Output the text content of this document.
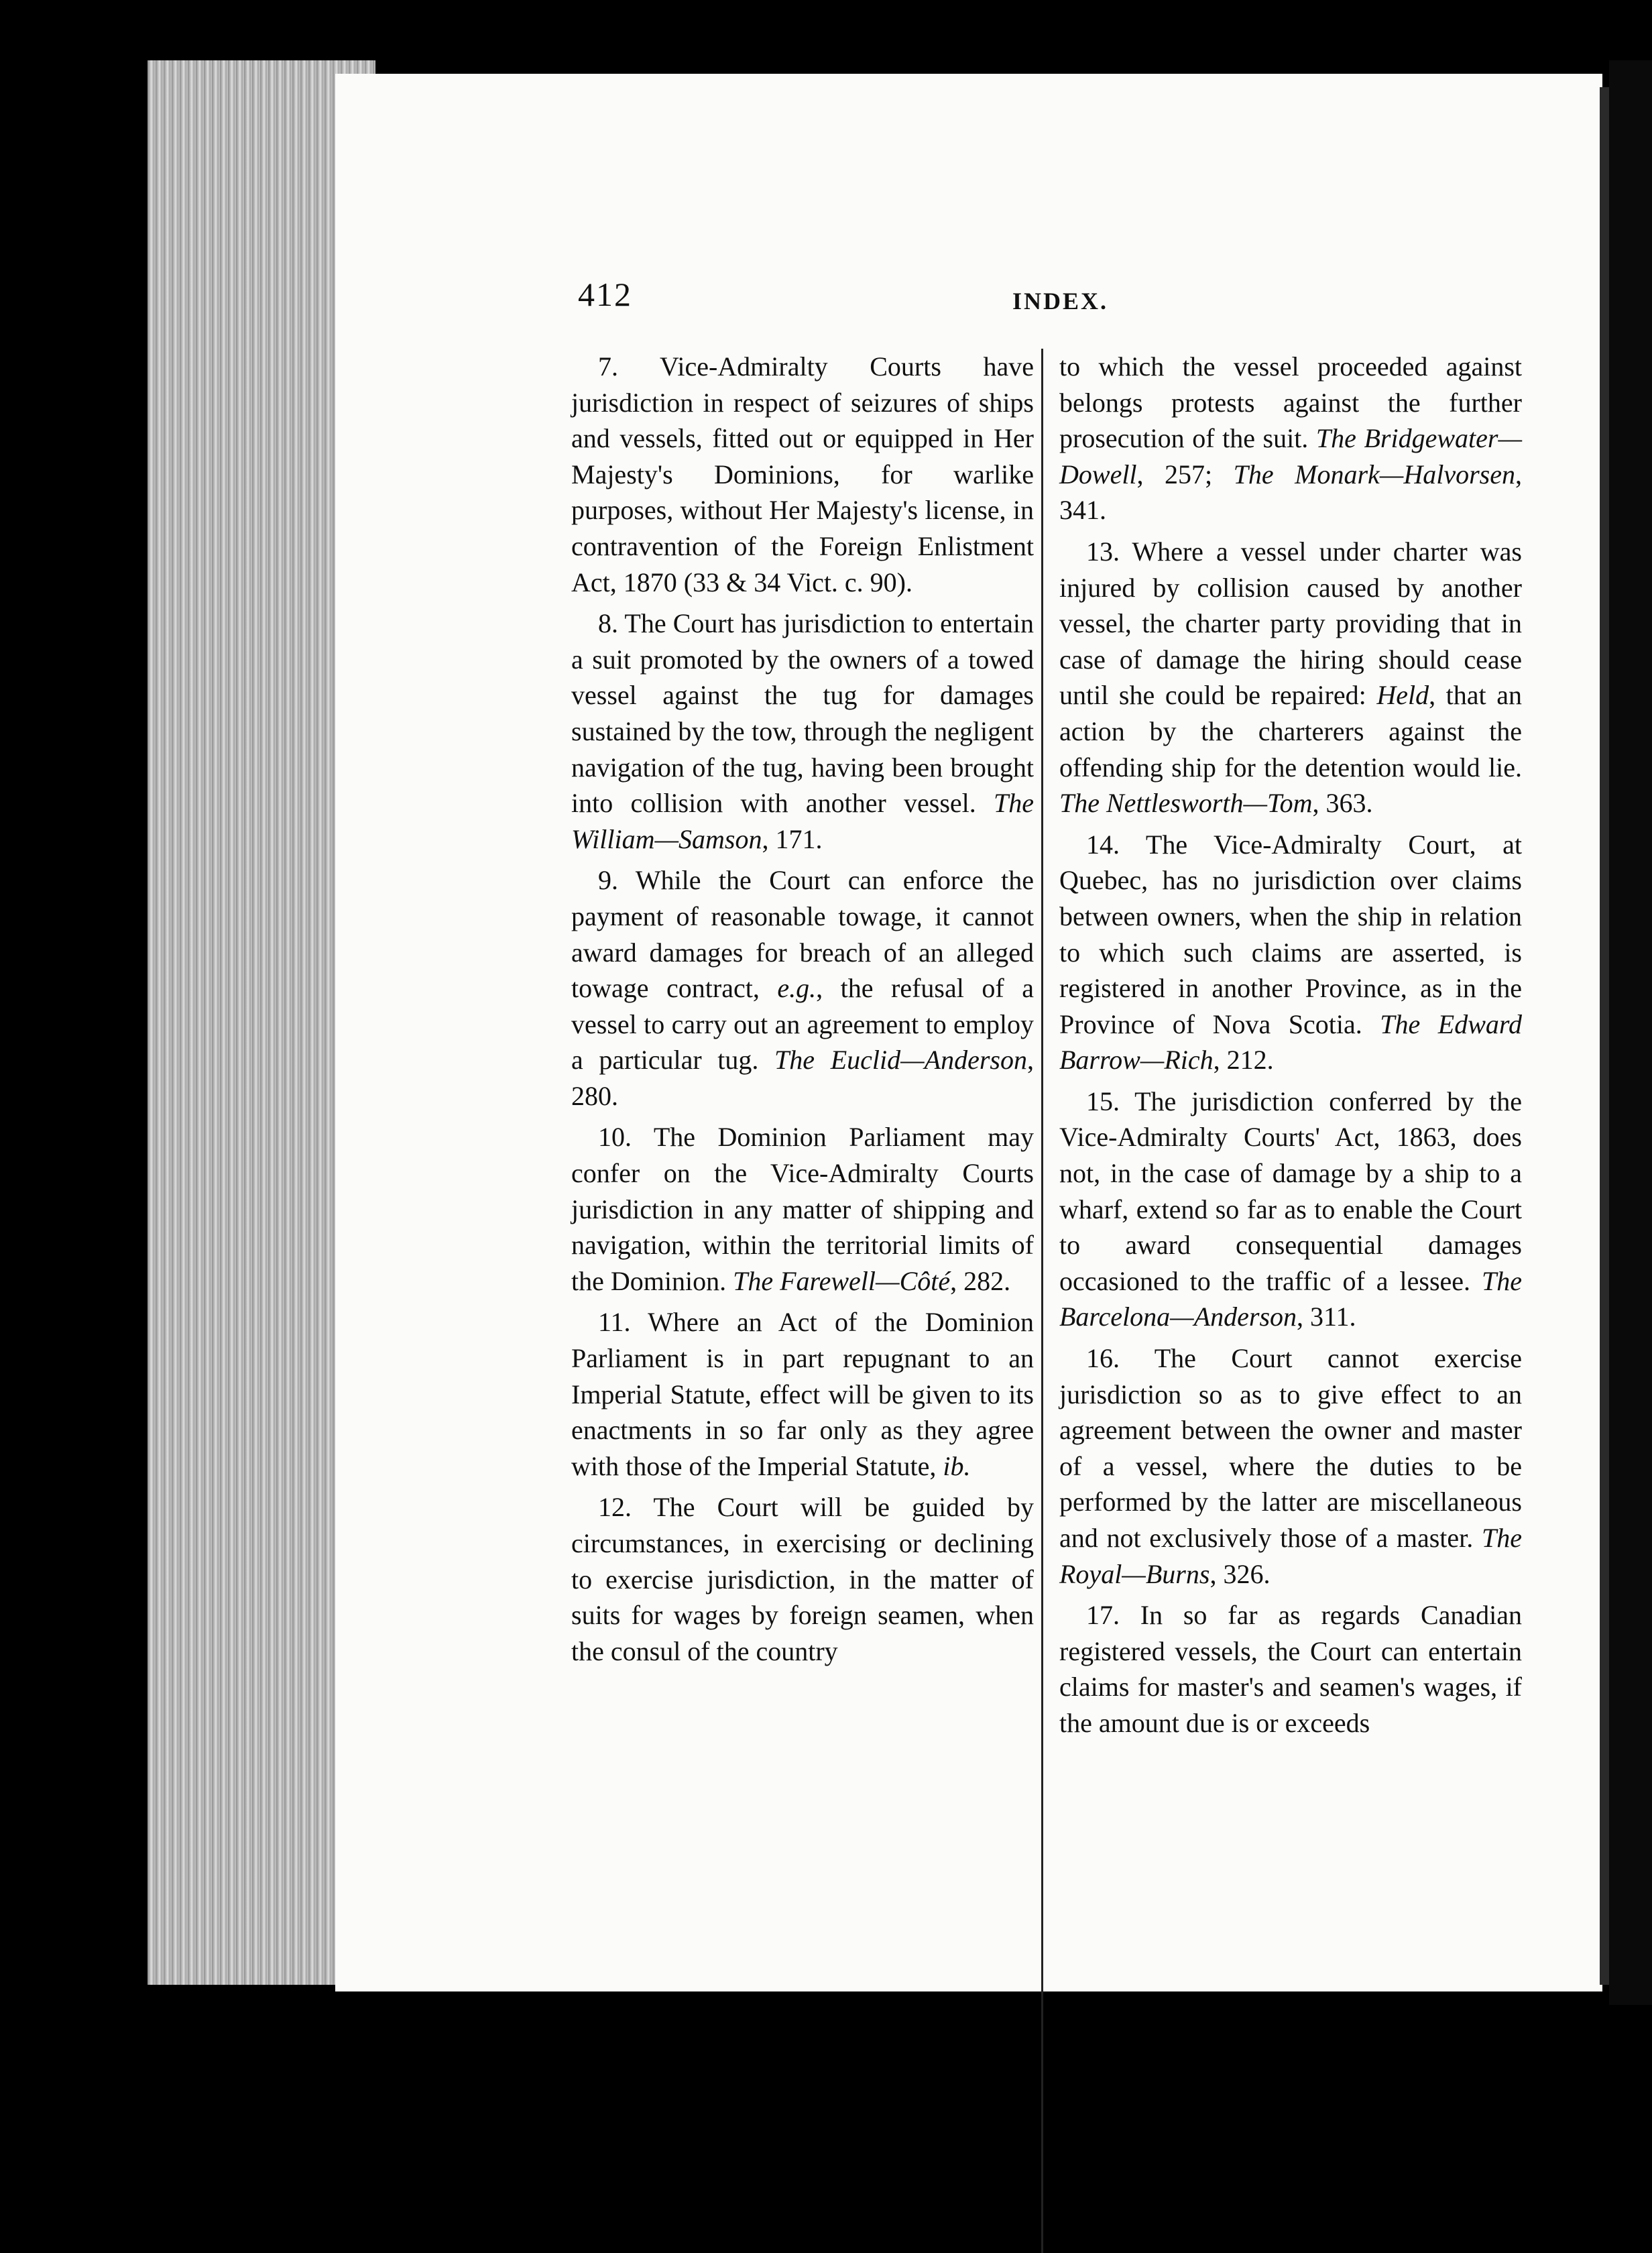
412	INDEX.

7. Vice-Admiralty Courts have jurisdiction in respect of seizures of ships and vessels, fitted out or equipped in Her Majesty's Dominions, for warlike purposes, without Her Majesty's license, in contravention of the Foreign Enlistment Act, 1870 (33 & 34 Vict. c. 90).

8. The Court has jurisdiction to entertain a suit promoted by the owners of a towed vessel against the tug for damages sustained by the tow, through the negligent navigation of the tug, having been brought into collision with another vessel. The William—Samson, 171.

9. While the Court can enforce the payment of reasonable towage, it cannot award damages for breach of an alleged towage contract, e.g., the refusal of a vessel to carry out an agreement to employ a particular tug. The Euclid—Anderson, 280.

10. The Dominion Parliament may confer on the Vice-Admiralty Courts jurisdiction in any matter of shipping and navigation, within the territorial limits of the Dominion. The Farewell—Côté, 282.

11. Where an Act of the Dominion Parliament is in part repugnant to an Imperial Statute, effect will be given to its enactments in so far only as they agree with those of the Imperial Statute, ib.

12. The Court will be guided by circumstances, in exercising or declining to exercise jurisdiction, in the matter of suits for wages by foreign seamen, when the consul of the country

to which the vessel proceeded against belongs protests against the further prosecution of the suit. The Bridgewater—Dowell, 257; The Monark—Halvorsen, 341.

13. Where a vessel under charter was injured by collision caused by another vessel, the charter party providing that in case of damage the hiring should cease until she could be repaired: Held, that an action by the charterers against the offending ship for the detention would lie. The Nettlesworth—Tom, 363.

14. The Vice-Admiralty Court, at Quebec, has no jurisdiction over claims between owners, when the ship in relation to which such claims are asserted, is registered in another Province, as in the Province of Nova Scotia. The Edward Barrow—Rich, 212.

15. The jurisdiction conferred by the Vice-Admiralty Courts' Act, 1863, does not, in the case of damage by a ship to a wharf, extend so far as to enable the Court to award consequential damages occasioned to the traffic of a lessee. The Barcelona—Anderson, 311.

16. The Court cannot exercise jurisdiction so as to give effect to an agreement between the owner and master of a vessel, where the duties to be performed by the latter are miscellaneous and not exclusively those of a master. The Royal—Burns, 326.

17. In so far as regards Canadian registered vessels, the Court can entertain claims for master's and seamen's wages, if the amount due is or exceeds
